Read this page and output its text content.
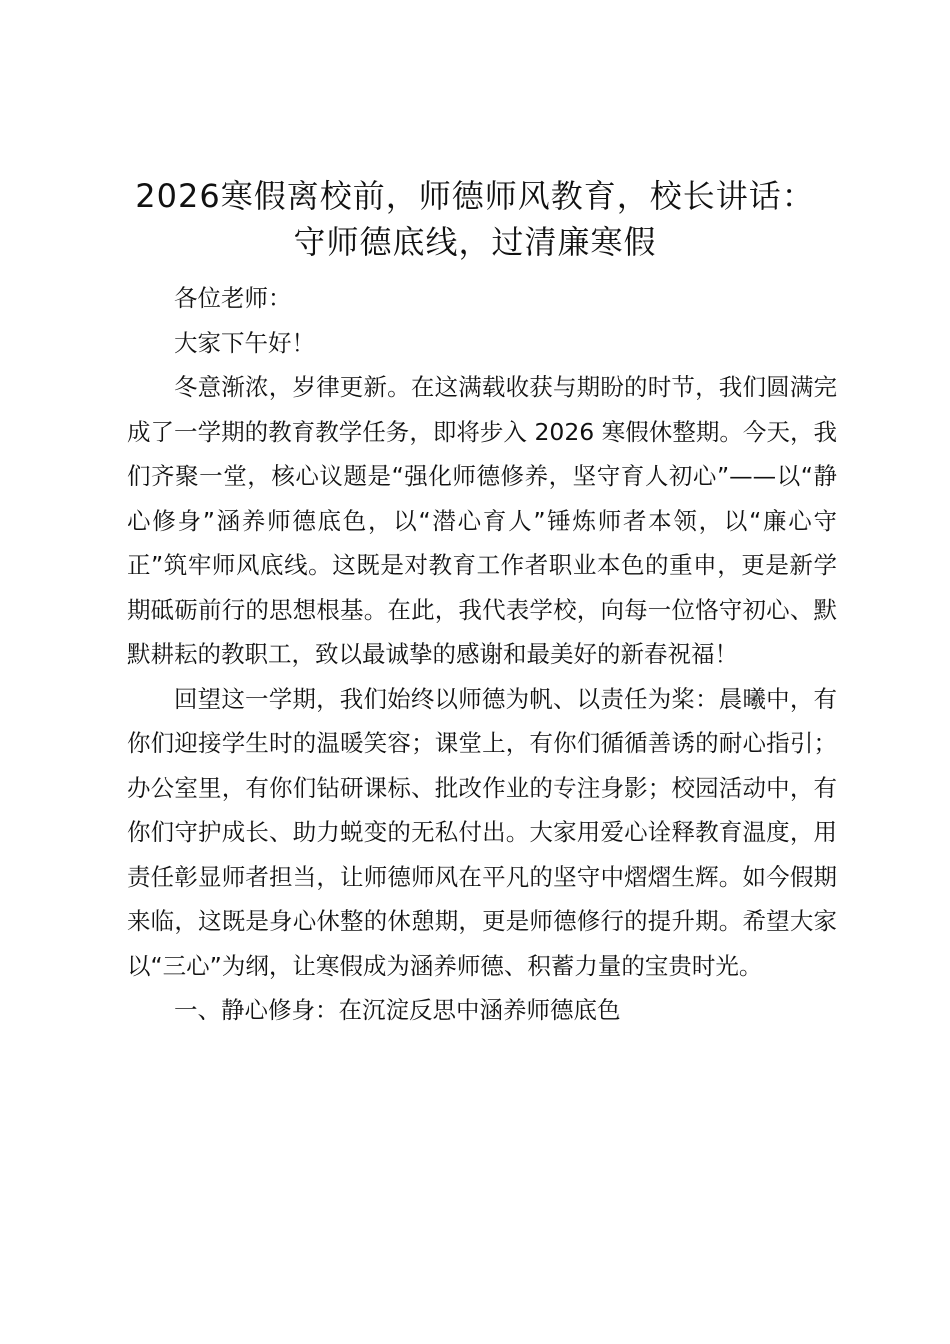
2026寒假离校前，师德师风教育，校长讲话：
守师德底线，过清廉寒假

各位老师：

大家下午好！

冬意渐浓，岁律更新。在这满载收获与期盼的时节，我们圆满完成了一学期的教育教学任务，即将步入 2026 寒假休整期。今天，我们齐聚一堂，核心议题是“强化师德修养，坚守育人初心”——以“静心修身”涵养师德底色，以“潜心育人”锤炼师者本领，以“廉心守正”筑牢师风底线。这既是对教育工作者职业本色的重申，更是新学期砥砺前行的思想根基。在此，我代表学校，向每一位恪守初心、默默耕耘的教职工，致以最诚挚的感谢和最美好的新春祝福！

回望这一学期，我们始终以师德为帆、以责任为桨：晨曦中，有你们迎接学生时的温暖笑容；课堂上，有你们循循善诱的耐心指引；办公室里，有你们钻研课标、批改作业的专注身影；校园活动中，有你们守护成长、助力蜕变的无私付出。大家用爱心诠释教育温度，用责任彰显师者担当，让师德师风在平凡的坚守中熠熠生辉。如今假期来临，这既是身心休整的休憩期，更是师德修行的提升期。希望大家以“三心”为纲，让寒假成为涵养师德、积蓄力量的宝贵时光。

一、静心修身：在沉淀反思中涵养师德底色
